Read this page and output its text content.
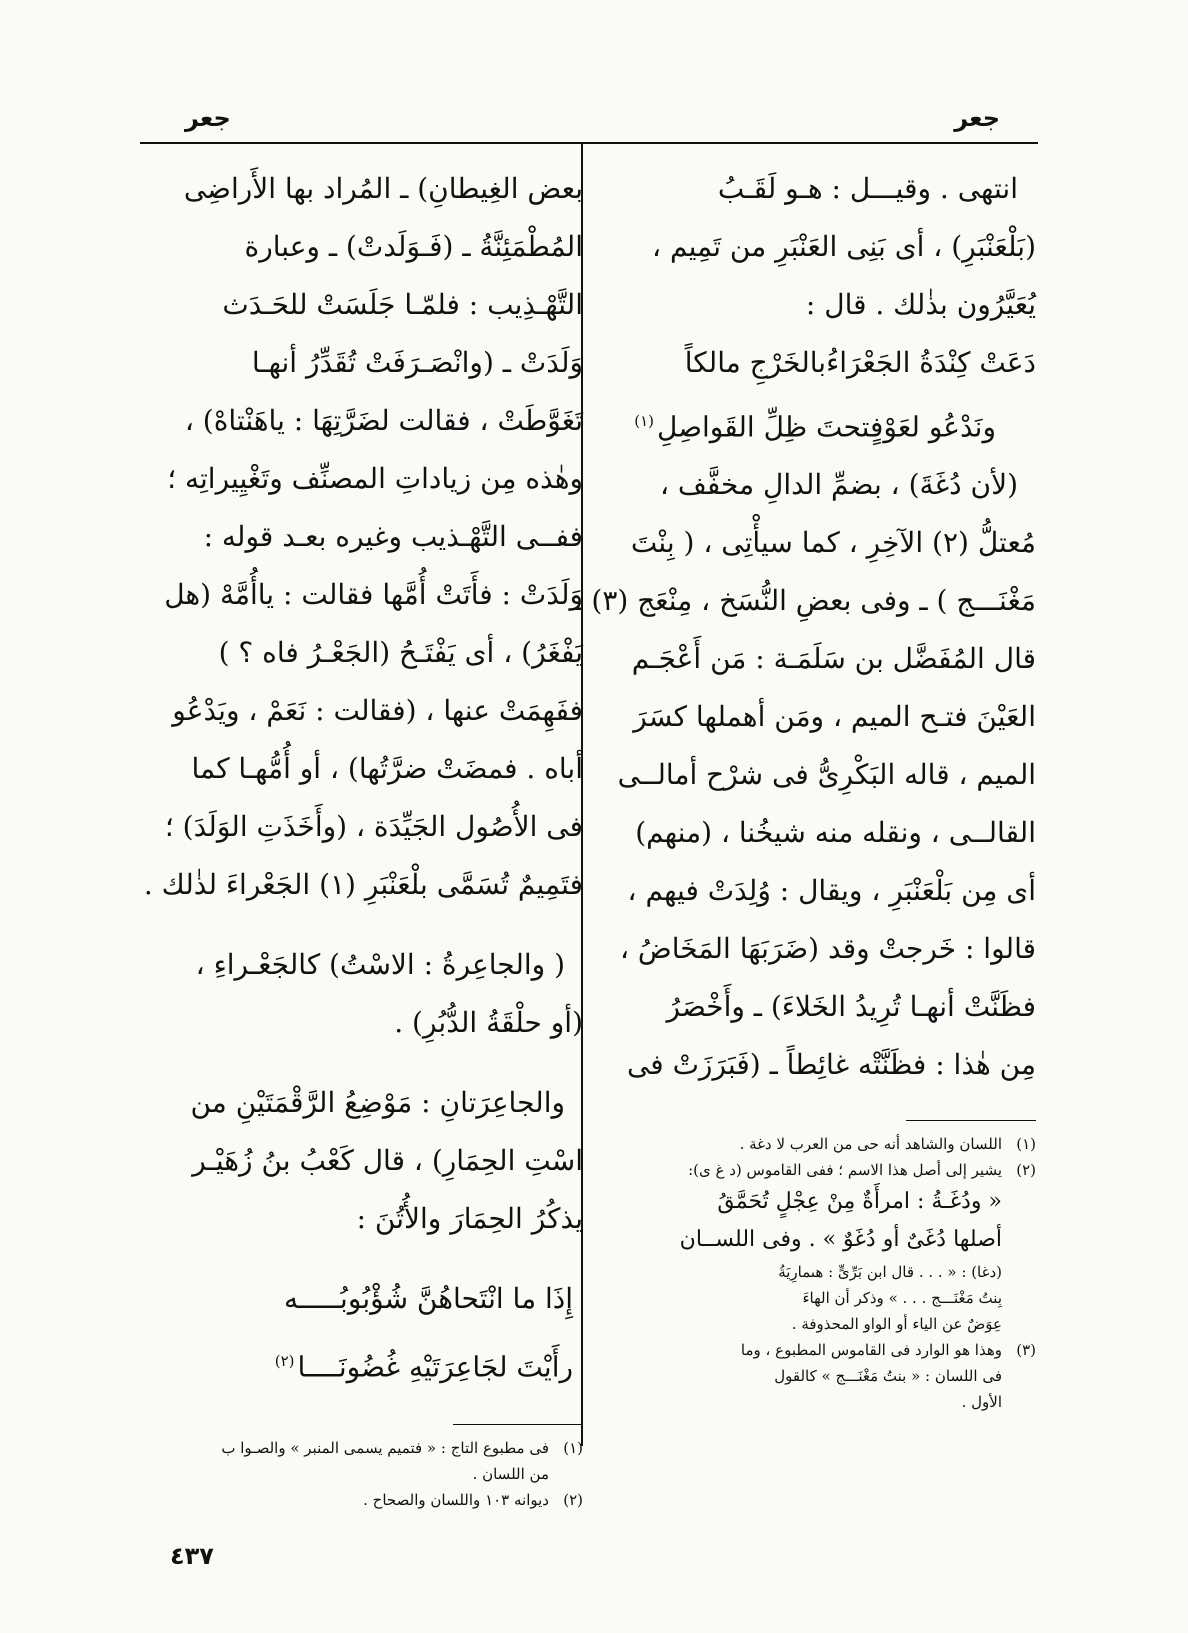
جعر
جعر
انتهى . وقيـــل : هـو لَقَـبُ
(بَلْعَنْبَرِ) ، أى بَنِى العَنْبَرِ من تَمِيم ،
يُعَيَّرُون بذٰلك . قال :
دَعَتْ كِنْدَةُ الجَعْرَاءُبالخَرْجِ مالكاً
ونَدْعُو لعَوْفٍتحتَ ظِلِّ القَواصِلِ$^{(١)}$
(لأن دُغَةَ) ، بضمِّ الدالِ مخفَّف ،
مُعتلُّ (٢) الآخِرِ ، كما سيأْتِى ، ( بِنْتَ
مَغْنَـــج ) ـ وفى بعضِ النُّسَخ ، مِنْعَج (٣) ـ
قال المُفَضَّل بن سَلَمَـة : مَن أَعْجَـم
العَيْنَ فتـح الميم ، ومَن أهملها كسَرَ
الميم ، قاله البَكْرِىُّ فى شرْح أمالــى
القالــى ، ونقله منه شيخُنا ، (منهم)
أى مِن بَلْعَنْبَرِ ، ويقال : وُلِدَتْ فيهم ،
قالوا : خَرجتْ وقد (ضَرَبَهَا المَخَاضُ ،
فظَنَّتْ أنهـا تُرِيدُ الخَلاءَ) ـ وأَخْصَرُ
مِن هٰذا : فظَنَّتْه غائِطاً ـ (فَبَرَزَتْ فى
(١)
اللسان والشاهد أنه حى من العرب لا دغة .
(٢)
يشير إلى أصل هذا الاسم ؛ ففى القاموس (د غ ى):
« ودُغَـةُ : امرأَةٌ مِنْ عِجْلٍ تُحَمَّقُ
أصلها دُغَىٌ أو دُغَوٌ » . وفى اللســان
(دغا) : « . . . قال ابن بَرِّىٍّ : هىمارِيَةُ
بِنتُ مَغْنَـــج . . . » وذكر أن الهاءَ
عِوَضٌ عن الياء أو الواو المحذوفة .
(٣)
وهذا هو الوارد فى القاموس المطبوع ، وما
فى اللسان : « بنتُ مَغْنَـــج » كالقول
الأول .
بعض الغِيطانِ) ـ المُراد بها الأَراضِى
المُطْمَئِنَّةُ ـ (فَـوَلَدتْ) ـ وعبارة
التَّهْـذِيب : فلمّـا جَلَسَتْ للحَـدَث
وَلَدَتْ ـ (وانْصَـرَفَتْ تُقَدِّرُ أنهـا
تَغَوَّطَتْ ، فقالت لضَرَّتِهَا : ياهَنْتاهْ) ،
وهٰذه مِن زياداتِ المصنِّف وتَغْيِيراتِه ؛
ففــى التَّهْـذيب وغيره بعـد قوله :
وَلَدَتْ : فأَتَتْ أُمَّها فقالت : ياأُمَّهْ (هل
يَفْغَرُ) ، أى يَفْتَـحُ (الجَعْـرُ فاه ؟ )
ففَهِمَتْ عنها ، (فقالت : نَعَمْ ، ويَدْعُو
أباه . فمضَتْ ضرَّتُها) ، أو أُمُّهـا كما
فى الأُصُول الجَيِّدَة ، (وأَخَذَتِ الوَلَدَ) ؛
فتَمِيمٌ تُسَمَّى بلْعَنْبَرِ (١) الجَعْراءَ لذٰلك .
( والجاعِرةُ : الاسْتُ) كالجَعْـراءِ ،
(أو حلْقَةُ الدُّبُرِ) .
والجاعِرَتانِ : مَوْضِعُ الرَّقْمَتَيْنِ من
اسْتِ الحِمَارِ) ، قال كَعْبُ بنُ زُهَيْـر
يذكُرُ الحِمَارَ والأُتُنَ :
إِذَا ما انْتَحاهُنَّ شُؤْبُوبُـــــه
رأَيْتَ لجَاعِرَتَيْهِ غُضُونَــــا$^{(٢)}$
(١)
فى مطبوع التاج : « فتميم يسمى المنبر » والصـوا ب
من اللسان .
(٢)
ديوانه ١٠٣ واللسان والصحاح .
٤٣٧
